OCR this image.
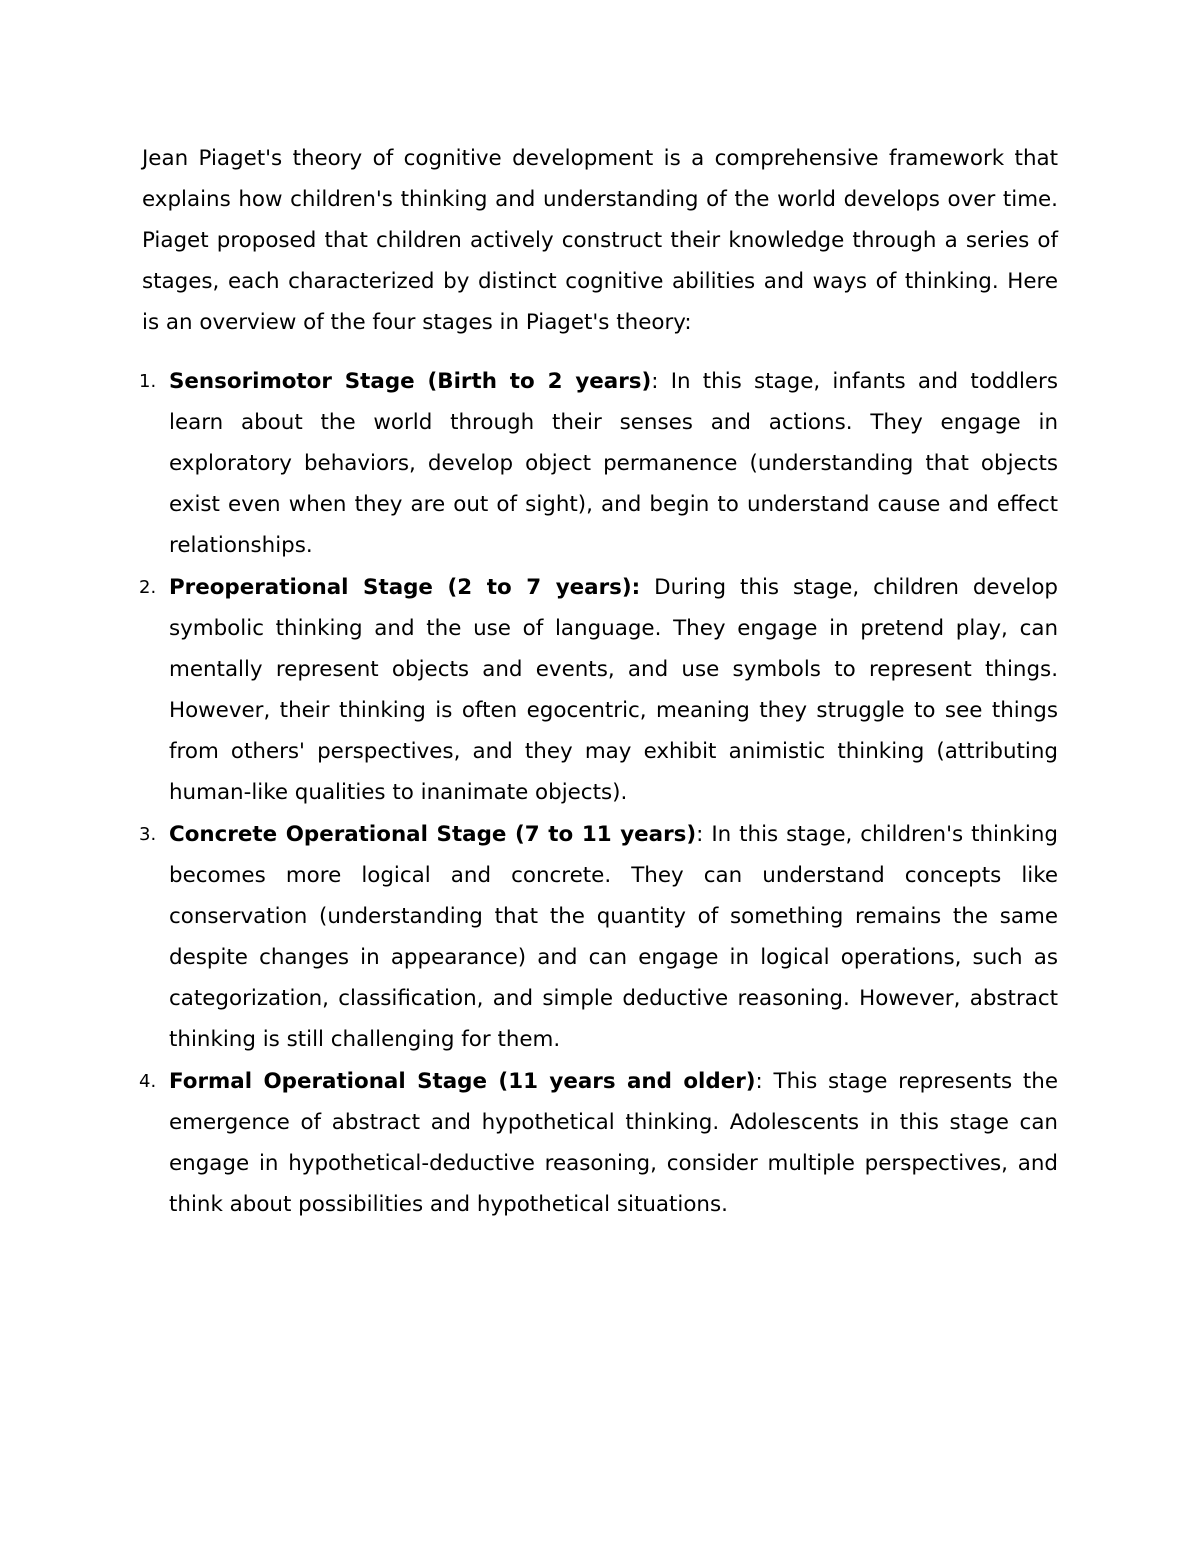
Jean Piaget's theory of cognitive development is a comprehensive framework that explains how children's thinking and understanding of the world develops over time. Piaget proposed that children actively construct their knowledge through a series of stages, each characterized by distinct cognitive abilities and ways of thinking. Here is an overview of the four stages in Piaget's theory:

1. Sensorimotor Stage (Birth to 2 years): In this stage, infants and toddlers learn about the world through their senses and actions. They engage in exploratory behaviors, develop object permanence (understanding that objects exist even when they are out of sight), and begin to understand cause and effect relationships.
2. Preoperational Stage (2 to 7 years): During this stage, children develop symbolic thinking and the use of language. They engage in pretend play, can mentally represent objects and events, and use symbols to represent things. However, their thinking is often egocentric, meaning they struggle to see things from others' perspectives, and they may exhibit animistic thinking (attributing human-like qualities to inanimate objects).
3. Concrete Operational Stage (7 to 11 years): In this stage, children's thinking becomes more logical and concrete. They can understand concepts like conservation (understanding that the quantity of something remains the same despite changes in appearance) and can engage in logical operations, such as categorization, classification, and simple deductive reasoning. However, abstract thinking is still challenging for them.
4. Formal Operational Stage (11 years and older): This stage represents the emergence of abstract and hypothetical thinking. Adolescents in this stage can engage in hypothetical-deductive reasoning, consider multiple perspectives, and think about possibilities and hypothetical situations.
